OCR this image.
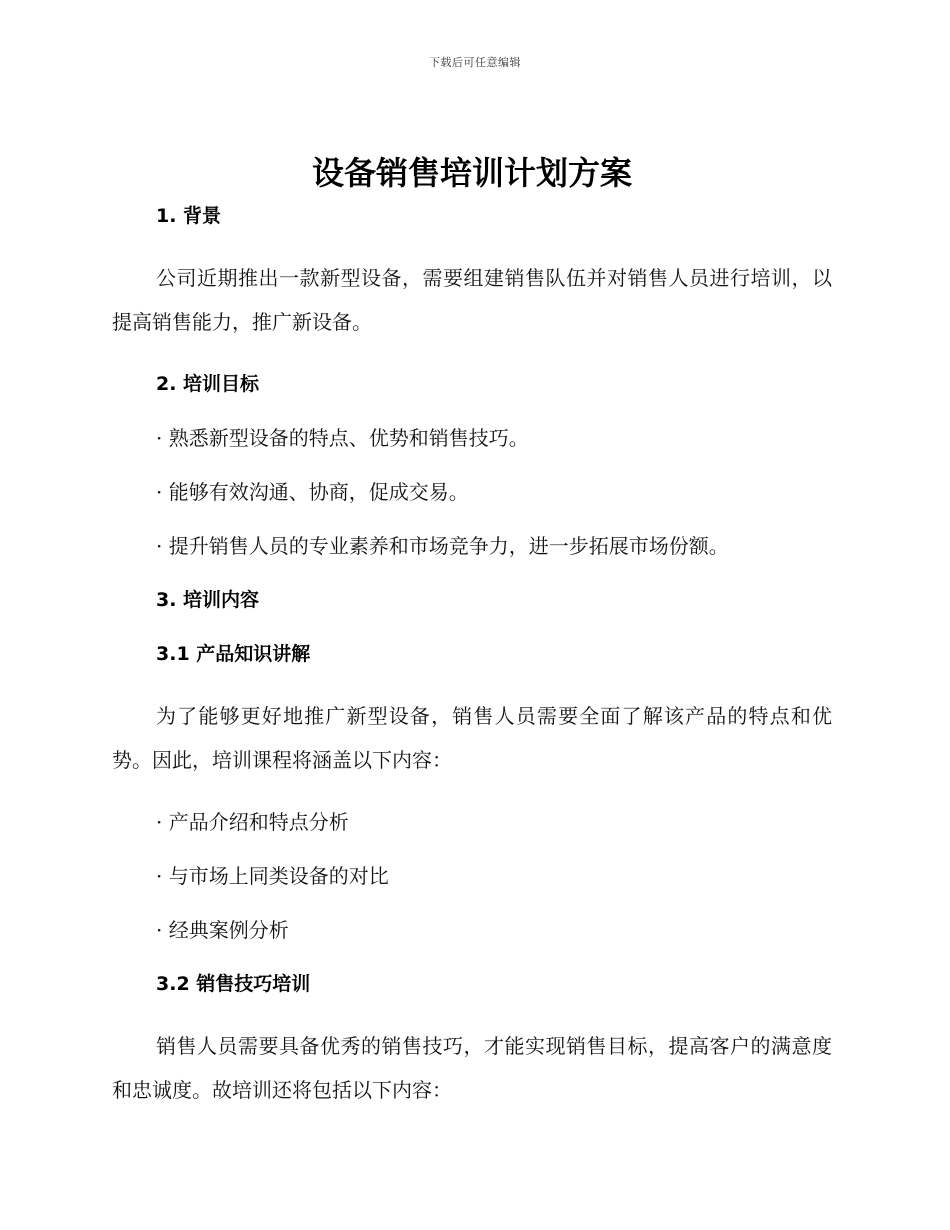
下载后可任意编辑
设备销售培训计划方案
1. 背景

公司近期推出一款新型设备，需要组建销售队伍并对销售人员进行培训，以提高销售能力，推广新设备。

2. 培训目标

· 熟悉新型设备的特点、优势和销售技巧。

· 能够有效沟通、协商，促成交易。

· 提升销售人员的专业素养和市场竞争力，进一步拓展市场份额。

3. 培训内容
3.1 产品知识讲解

为了能够更好地推广新型设备，销售人员需要全面了解该产品的特点和优势。因此，培训课程将涵盖以下内容：

· 产品介绍和特点分析

· 与市场上同类设备的对比

· 经典案例分析

3.2 销售技巧培训

销售人员需要具备优秀的销售技巧，才能实现销售目标，提高客户的满意度和忠诚度。故培训还将包括以下内容：
